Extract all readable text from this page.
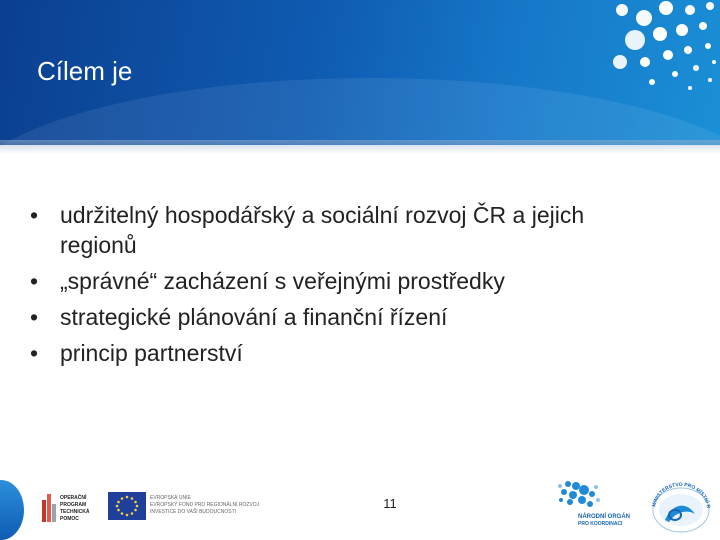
Cílem je
• udržitelný hospodářský a sociální rozvoj ČR a jejich regionů
• „správné“ zacházení s veřejnými prostředky
• strategické plánování a finanční řízení
• princip partnerství
OPERAČNÍ
PROGRAM
TECHNICKÁ
POMOC
EVROPSKÁ UNIE
EVROPSKÝ FOND PRO REGIONÁLNÍ ROZVOJ
INVESTICE DO VAŠÍ BUDOUCNOSTI
11
NÁRODNÍ ORGÁN
PRO KOORDINACI
MINISTERSTVO PRO MÍSTNÍ R
